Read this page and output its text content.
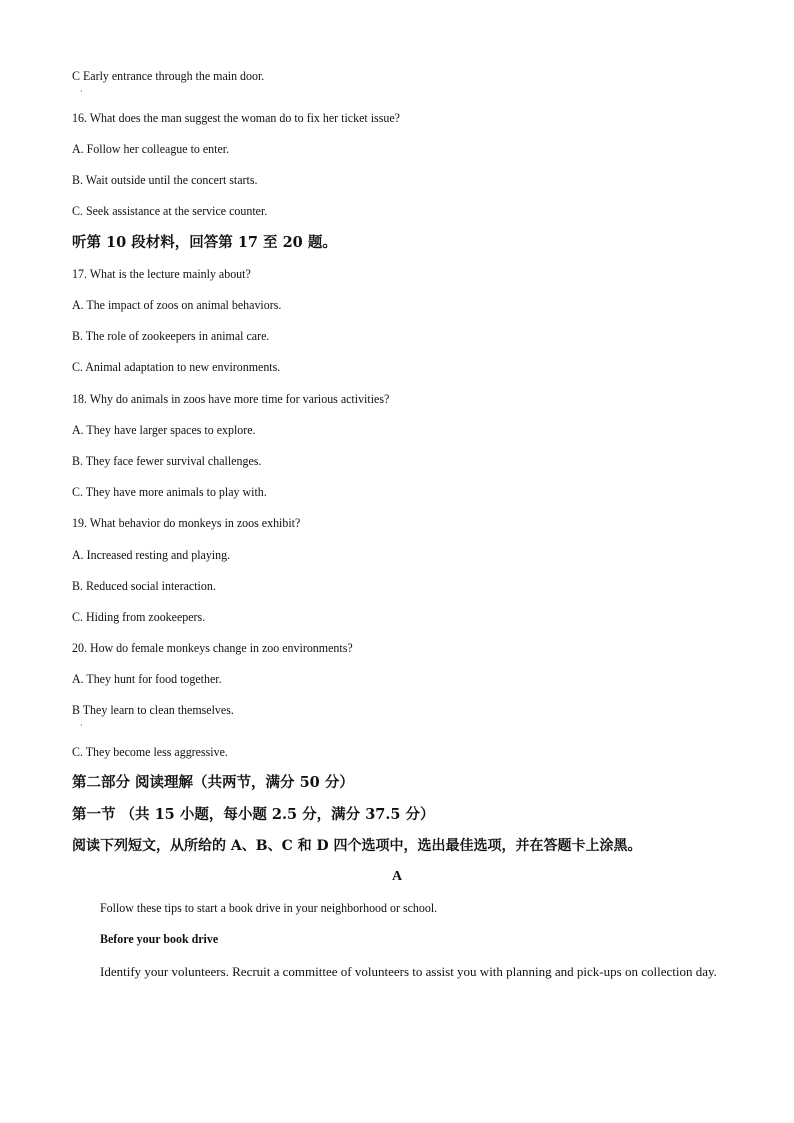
C Early entrance through the main door.
·
16. What does the man suggest the woman do to fix her ticket issue?
A. Follow her colleague to enter.
B. Wait outside until the concert starts.
C. Seek assistance at the service counter.
听第 10 段材料，回答第 17 至 20 题。
17. What is the lecture mainly about?
A. The impact of zoos on animal behaviors.
B. The role of zookeepers in animal care.
C. Animal adaptation to new environments.
18. Why do animals in zoos have more time for various activities?
A. They have larger spaces to explore.
B. They face fewer survival challenges.
C. They have more animals to play with.
19. What behavior do monkeys in zoos exhibit?
A. Increased resting and playing.
B. Reduced social interaction.
C. Hiding from zookeepers.
20. How do female monkeys change in zoo environments?
A. They hunt for food together.
B They learn to clean themselves.
·
C. They become less aggressive.
第二部分 阅读理解（共两节，满分 50 分）
第一节 （共 15 小题，每小题 2.5 分，满分 37.5 分）
阅读下列短文，从所给的 A、B、C 和 D 四个选项中，选出最佳选项，并在答题卡上涂黑。
A
Follow these tips to start a book drive in your neighborhood or school.
Before your book drive
Identify your volunteers. Recruit a committee of volunteers to assist you with planning and pick-ups on collection day.
